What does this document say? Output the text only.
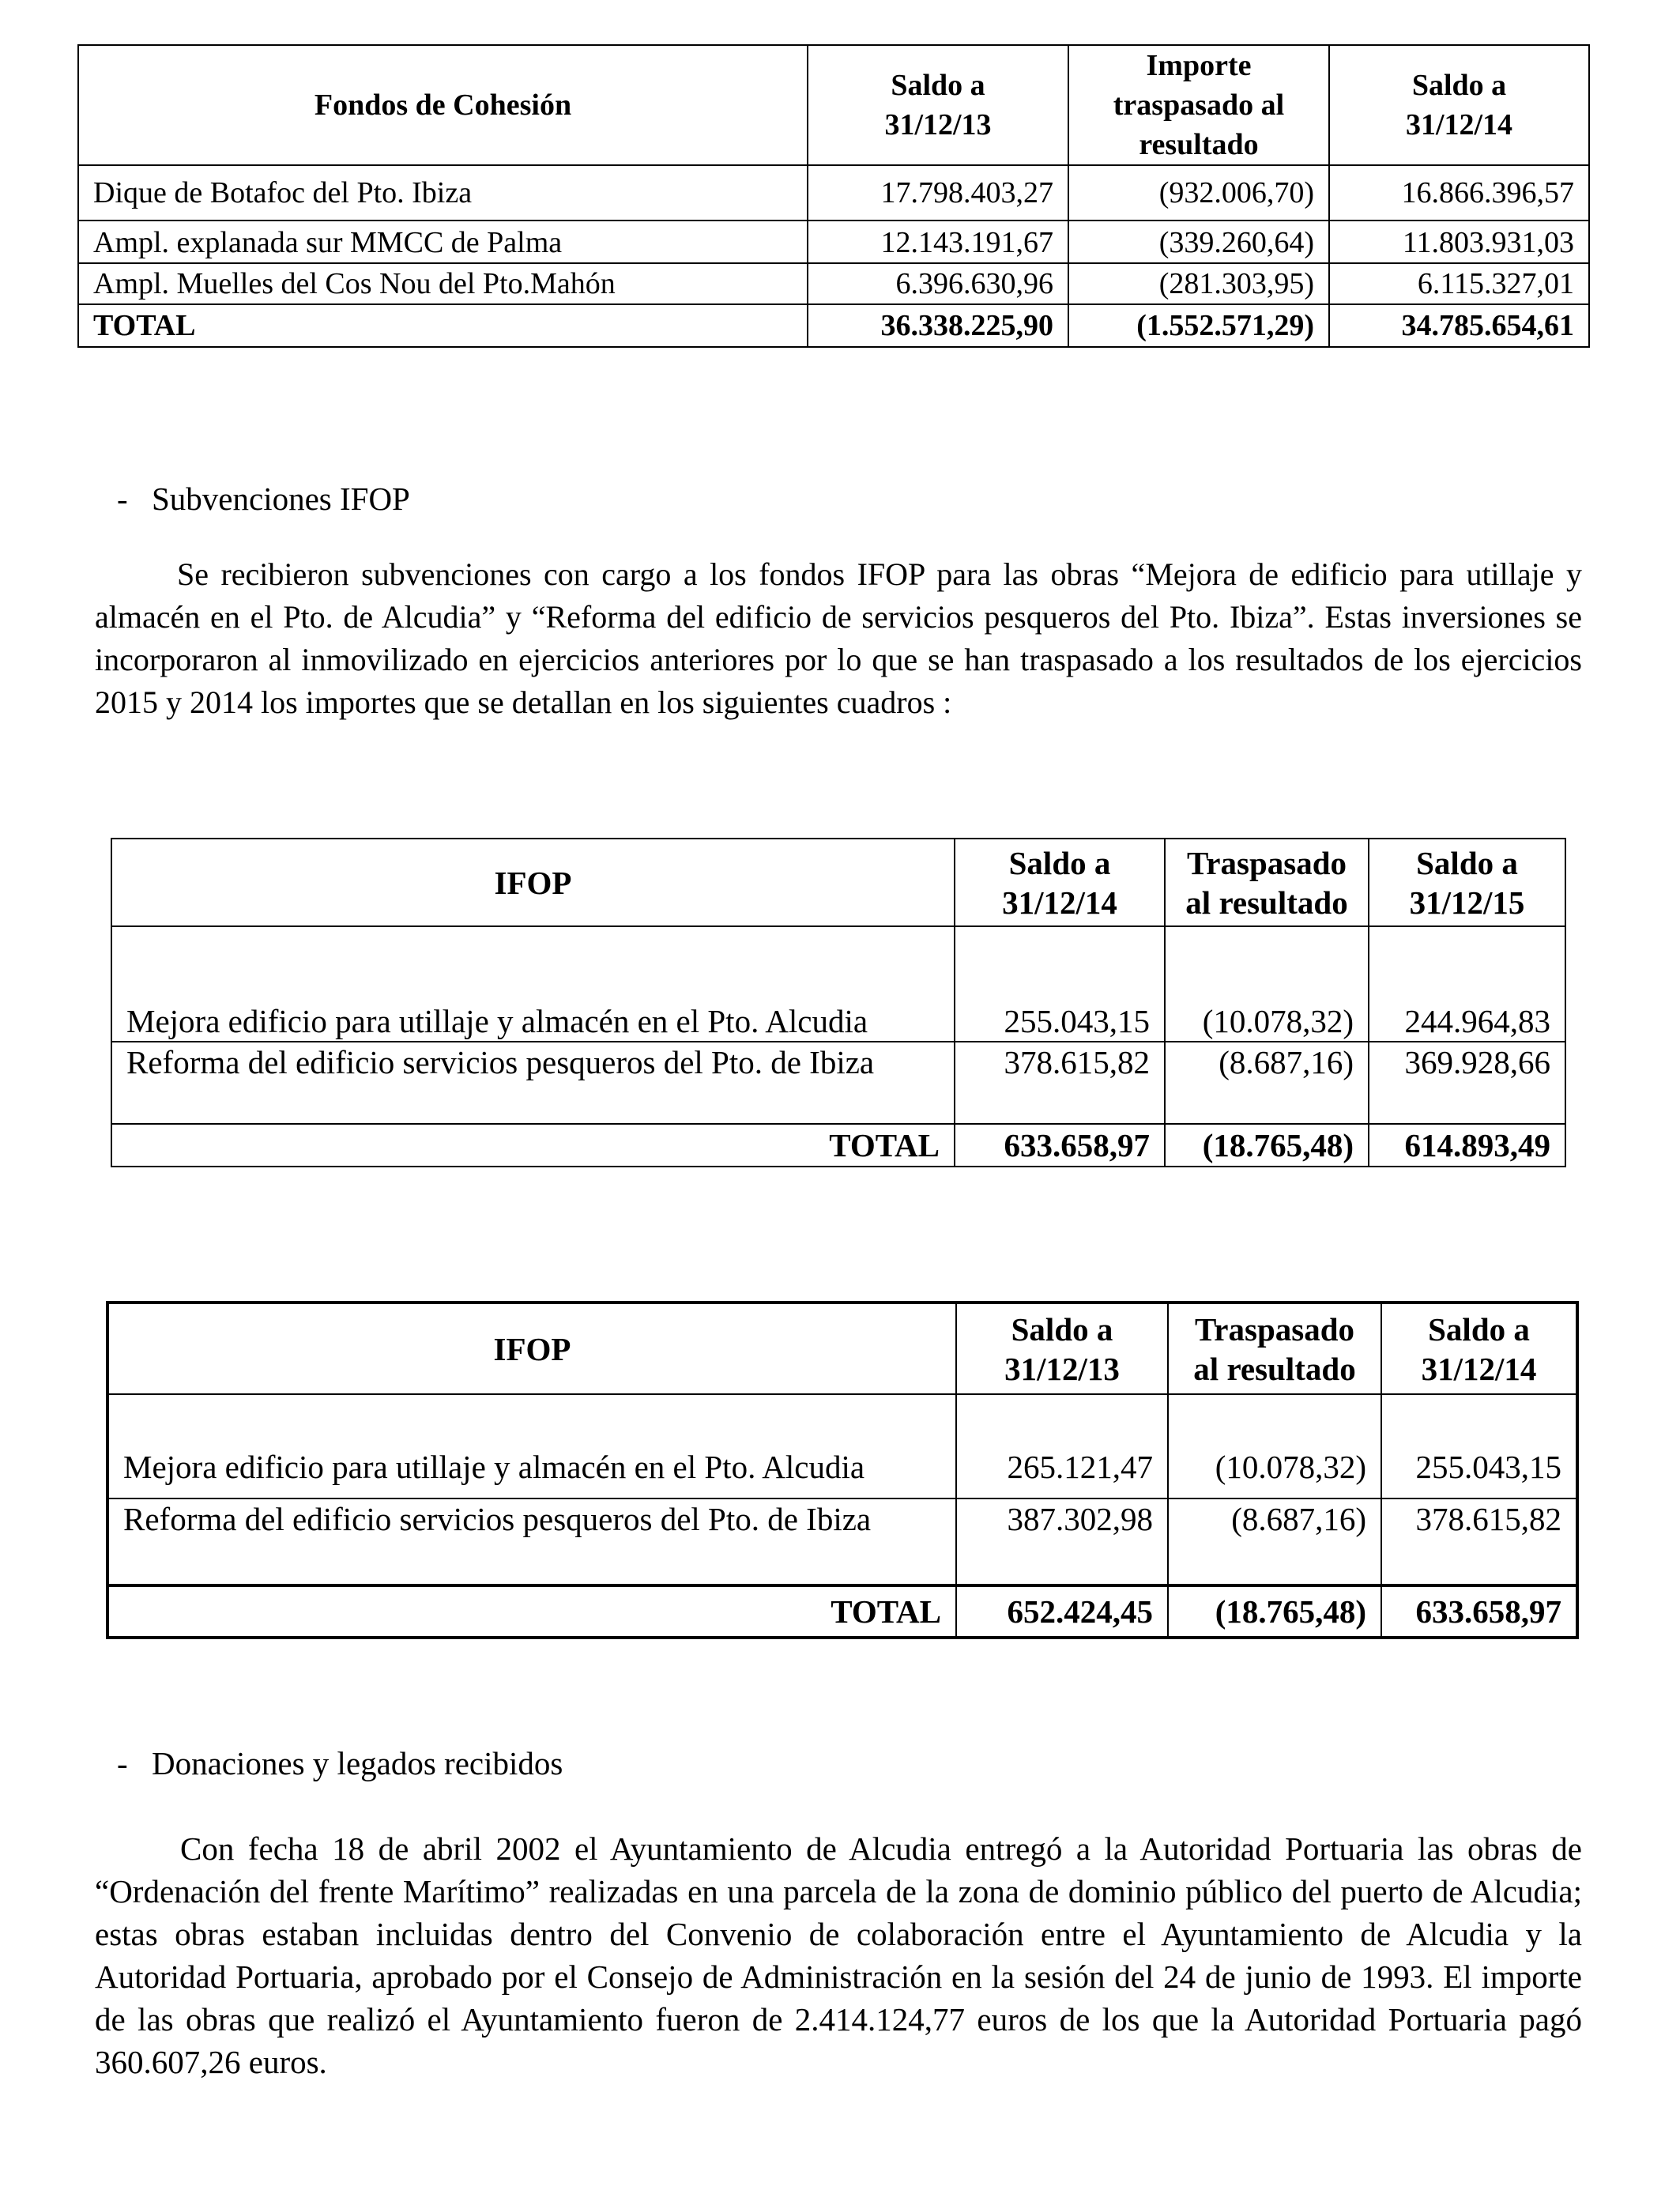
Fondos de Cohesión	Saldo a 31/12/13	Importe traspasado al resultado	Saldo a 31/12/14
Dique de Botafoc del Pto. Ibiza	17.798.403,27	(932.006,70)	16.866.396,57
Ampl. explanada sur MMCC de Palma	12.143.191,67	(339.260,64)	11.803.931,03
Ampl. Muelles del Cos Nou del Pto.Mahón	6.396.630,96	(281.303,95)	6.115.327,01
TOTAL	36.338.225,90	(1.552.571,29)	34.785.654,61
- Subvenciones IFOP

Se recibieron subvenciones con cargo a los fondos IFOP para las obras “Mejora de edificio para utillaje y almacén en el Pto. de Alcudia” y “Reforma del edificio de servicios pesqueros del Pto. Ibiza”. Estas inversiones se incorporaron al inmovilizado en ejercicios anteriores por lo que se han traspasado a los resultados de los ejercicios 2015 y 2014 los importes que se detallan en los siguientes cuadros :

IFOP	Saldo a 31/12/14	Traspasado al resultado	Saldo a 31/12/15
Mejora edificio para utillaje y almacén en el Pto. Alcudia	255.043,15	(10.078,32)	244.964,83
Reforma del edificio servicios pesqueros del Pto. de Ibiza	378.615,82	(8.687,16)	369.928,66
TOTAL	633.658,97	(18.765,48)	614.893,49
IFOP	Saldo a 31/12/13	Traspasado al resultado	Saldo a 31/12/14
Mejora edificio para utillaje y almacén en el Pto. Alcudia	265.121,47	(10.078,32)	255.043,15
Reforma del edificio servicios pesqueros del Pto. de Ibiza	387.302,98	(8.687,16)	378.615,82
TOTAL	652.424,45	(18.765,48)	633.658,97
- Donaciones y legados recibidos

Con fecha 18 de abril 2002 el Ayuntamiento de Alcudia entregó a la Autoridad Portuaria las obras de “Ordenación del frente Marítimo” realizadas en una parcela de la zona de dominio público del puerto de Alcudia; estas obras estaban incluidas dentro del Convenio de colaboración entre el Ayuntamiento de Alcudia y la Autoridad Portuaria, aprobado por el Consejo de Administración en la sesión del 24 de junio de 1993. El importe de las obras que realizó el Ayuntamiento fueron de 2.414.124,77 euros de los que la Autoridad Portuaria pagó 360.607,26 euros.
